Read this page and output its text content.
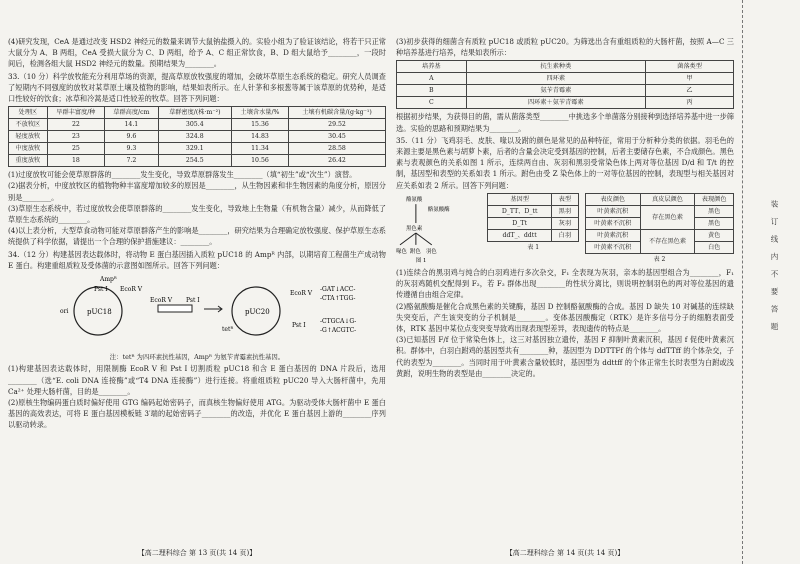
(4)研究发现，CeA 是通过改变 HSD2 神经元的数量来调节大鼠钠盐摄入的。实验小组为了验证该结论，将若干只正常大鼠分为 A、B 两组，CeA 受损大鼠分为 C、D 两组，给予 A、C 组正常饮食，B、D 组大鼠给予________，一段时间后，检测各组大鼠 HSD2 神经元的数量。预期结果为________。

33.（10 分）科学放牧能充分利用草场的资源，提高草原放牧强度的增加，会破坏草原生态系统的稳定。研究人员调查了短期内不同强度的放牧对某草原土壤及植物的影响，结果如表所示。在人针茅和多根葱等属于该草原的优势种，是适口性较好的饮食；冰草和冷蒿是适口性较差的牧草。回答下列问题：

处理区	旱群丰富度/种	草群高度/cm	草群密度/(株·m⁻²)	土壤含水量/%	土壤有机碳含量/(g·kg⁻¹)
不放牧区	22	14.1	305.4	15.36	29.52
轻度放牧	23	9.6	324.8	14.83	30.45
中度放牧	25	9.3	329.1	11.34	28.58
重度放牧	18	7.2	254.5	10.56	26.42

(1)过度放牧可能会使草原群落的________发生变化，导致草原群落发生________（填“初生”或“次生”）演替。

(2)据表分析，中度放牧区的植物物种丰富度增加较多的原因是________，从生物因素和非生物因素的角度分析，原因分别是________。

(3)草原生态系统中，若过度放牧会使草原群落的________发生变化，导致地上生物量（有机物含量）减少，从而降低了草原生态系统的________。

(4)以上表分析，大型草食动物可能对草原群落产生的影响是________，研究结果为合理确定放牧强度、保护草原生态系统提供了科学依据，请提出一个合理的保护措施建议：________。

34.（12 分）构建基因表达载体时，将动物 E 蛋白基因插入质粒 pUC18 的 Ampᴿ 内部，以期培育工程菌生产成动物 E 蛋白。构建重组质粒及受体菌的示意图如图所示。回答下列问题：

pUC18
Ampᴿ
ori
EcoR V
Pst I
EcoR V Pst I
pUC20
tetᴿ
EcoR V
-GAT↓ACC-
-CTA↑TGG-
Pst I
-CTGCA↓G-
-G↑ACGTC-

注：tetᴿ 为四环素抗性基因，Ampᴿ 为氨苄青霉素抗性基因。

(1)构建基因表达载体时，用限制酶 EcoR V 和 Pst I 切割质粒 pUC18 和含 E 蛋白基因的 DNA 片段后，选用________（选“E. coli DNA 连接酶”或“T4 DNA 连接酶”）进行连接。将重组质粒 pUC20 导入大肠杆菌中，先用 Ca²⁺ 处理大肠杆菌，目的是________。

(2)原核生物编码蛋白质时偏好使用 GTG 编码起始密码子，而真核生物偏好使用 ATG。为驱动受体大肠杆菌中 E 蛋白基因的高效表达，可将 E 蛋白基因模板链 3′端的起始密码子________的改造，并优化 E 蛋白基因上游的________序列以驱动转录。

【高二理科综合 第 13 页(共 14 页)】

(3)初步获得的细菌含有质粒 pUC18 或质粒 pUC20。为筛选出含有重组质粒的大肠杆菌，按照 A—C 三种培养基进行培养，结果如表所示：

培养基	抗生素种类	菌落类型
A	四环素	甲
B	氨苄青霉素	乙
C	四环素＋氨苄青霉素	丙

根据初步结果，为获得目的菌，需从菌落类型________中挑选多个单菌落分别接种到选择培养基中进一步筛选。实验的思路和预期结果为________。

35.（11 分）飞鸡羽毛、皮肤、喙以及跗的颜色是常见的品种特征，常用于分析种分类的依据。羽毛色的来源主要是黑色素与胡萝卜素，后者的含量会决定受到基因的控制，后者主要储存色素，不合成颜色。黑色素与表观颜色的关系如图 1 所示，连续两自由、灰羽和黑羽受常染色体上两对等位基因 D/d 和 T/t 的控制，基因型和表型的关系如表 1 所示。跗色由受 Z 染色体上的一对等位基因的控制，表现型与相关基因对应关系如表 2 所示。回答下列问题：

酪氨酸
酪氨酸酶
黑色素
喙色 跗色 羽色
图 1
基因型	表型
D_TT、D_tt	黑羽
D_Tt	灰羽
ddT_、ddtt	白羽
表 1
表皮颜色	真皮层颜色	表现颜色
叶黄素沉积	存在黑色素	黑色
叶黄素不沉积		黑色
叶黄素沉积	不存在黑色素	黄色
叶黄素不沉积		白色
表 2

(1)连续合的黑羽鸡与纯合的白羽鸡进行多次杂交，F₁ 全表现为灰羽，亲本的基因型组合为________，F₁ 的灰羽鸡随机交配得到 F₂，若 F₂ 群体出现________的性状分离比，则说明控制羽色的两对等位基因的遗传遵循自由组合定律。

(2)酪氨酸酶是催化合成黑色素的关键酶，基因 D 控制酪氨酸酶的合成。基因 D 缺失 10 对碱基的连续缺失突变后，产生该突变的分子机制是________。变体基因酸酶定（RTK）是许多信号分子的细胞表面受体，RTK 基因中某位点变突变导致鸡出现表现型差异，表现遗传的特点是________。

(3)已知基因 F/f 位于常染色体上，这三对基因独立遗传，基因 F 抑制叶黄素沉积，基因 f 促使叶黄素沉积。群体中，白羽白跗鸡的基因型共有________种，基因型为 DDTTFf 的个体与 ddTTff 的个体杂交，子代的表型为________。当同时用于叶黄素含量较低时，基因型为 ddttff 的个体正常生长时表型为白跗或浅黄跗，说明生物的表型是由________决定的。

【高二理科综合 第 14 页(共 14 页)】
装订线内不要答题
